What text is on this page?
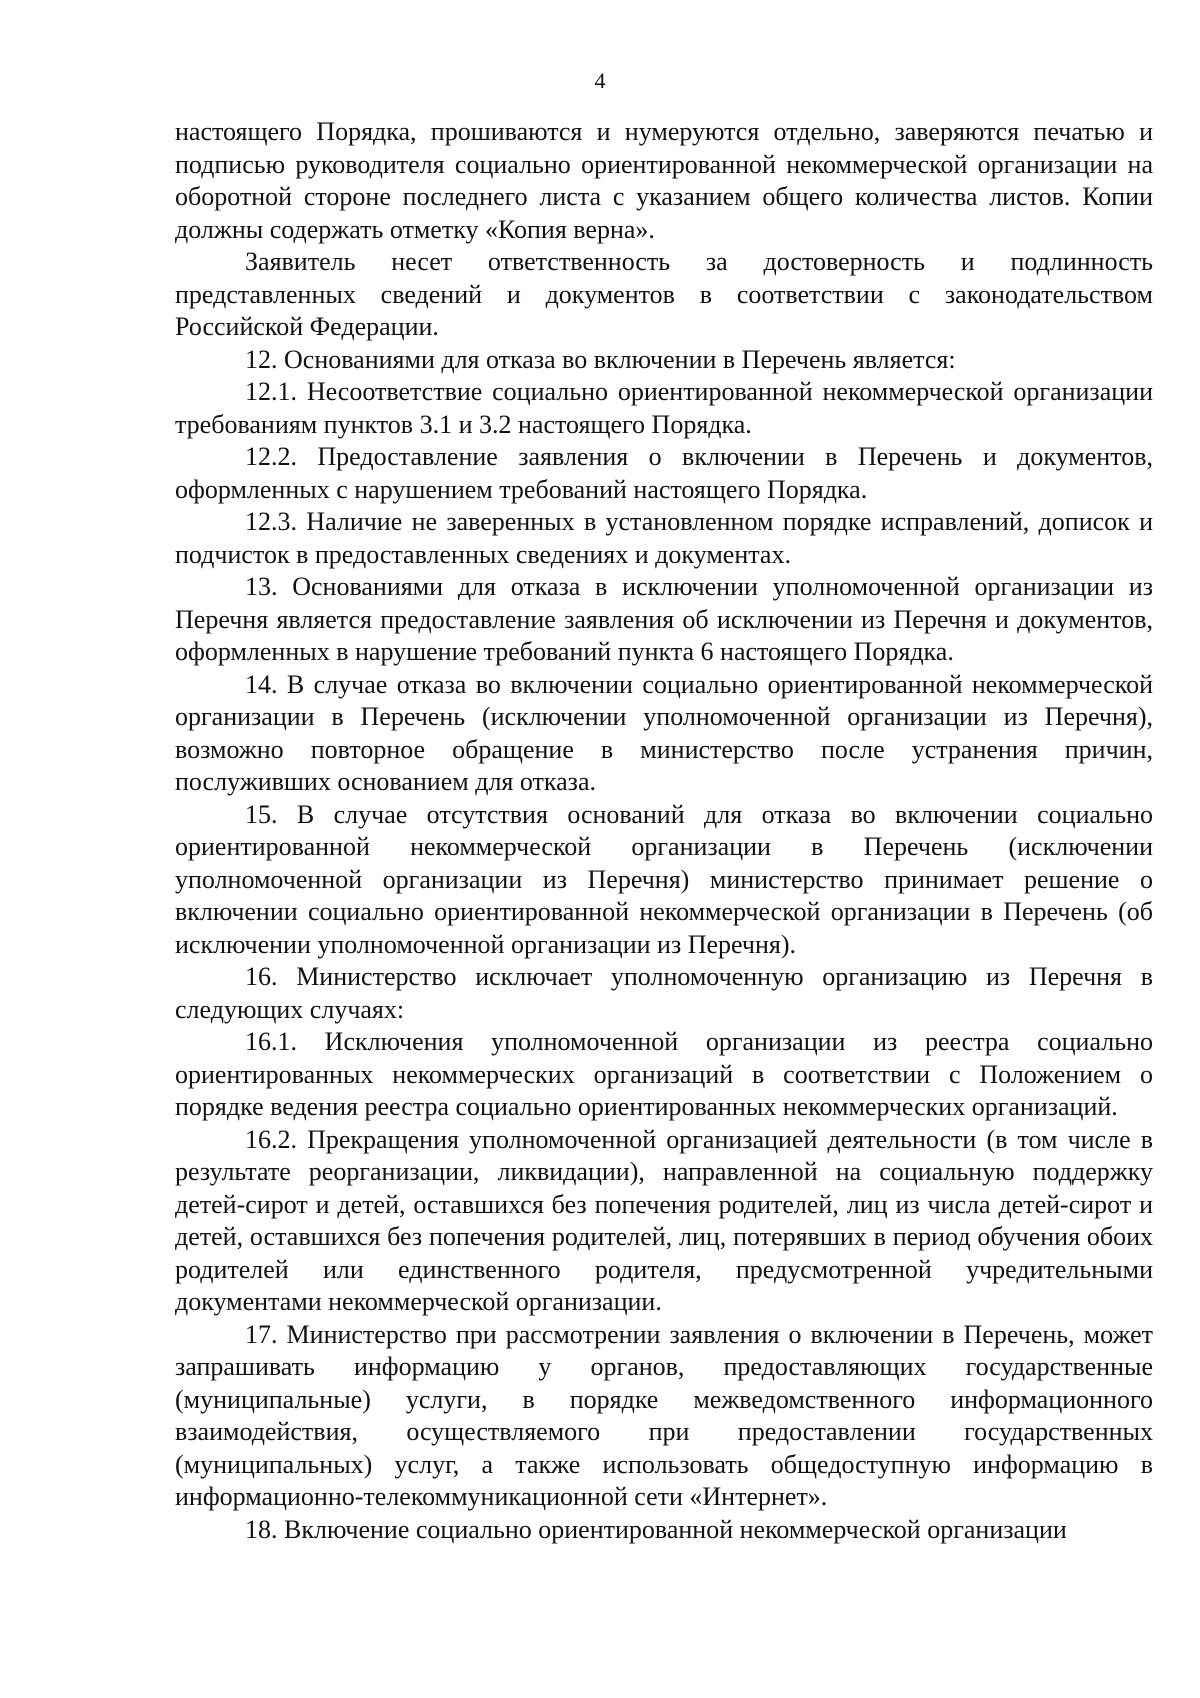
4

настоящего Порядка, прошиваются и нумеруются отдельно, заверяются печатью и подписью руководителя социально ориентированной некоммерческой организации на оборотной стороне последнего листа с указанием общего количества листов. Копии должны содержать отметку «Копия верна».

Заявитель несет ответственность за достоверность и подлинность представленных сведений и документов в соответствии с законодательством Российской Федерации.

12. Основаниями для отказа во включении в Перечень является:

12.1. Несоответствие социально ориентированной некоммерческой организации требованиям пунктов 3.1 и 3.2 настоящего Порядка.

12.2. Предоставление заявления о включении в Перечень и документов, оформленных с нарушением требований настоящего Порядка.

12.3. Наличие не заверенных в установленном порядке исправлений, дописок и подчисток в предоставленных сведениях и документах.

13. Основаниями для отказа в исключении уполномоченной организации из Перечня является предоставление заявления об исключении из Перечня и документов, оформленных в нарушение требований пункта 6 настоящего Порядка.

14. В случае отказа во включении социально ориентированной некоммерческой организации в Перечень (исключении уполномоченной организации из Перечня), возможно повторное обращение в министерство после устранения причин, послуживших основанием для отказа.

15. В случае отсутствия оснований для отказа во включении социально ориентированной некоммерческой организации в Перечень (исключении уполномоченной организации из Перечня) министерство принимает решение о включении социально ориентированной некоммерческой организации в Перечень (об исключении уполномоченной организации из Перечня).

16. Министерство исключает уполномоченную организацию из Перечня в следующих случаях:

16.1. Исключения уполномоченной организации из реестра социально ориентированных некоммерческих организаций в соответствии с Положением о порядке ведения реестра социально ориентированных некоммерческих организаций.

16.2. Прекращения уполномоченной организацией деятельности (в том числе в результате реорганизации, ликвидации), направленной на социальную поддержку детей-сирот и детей, оставшихся без попечения родителей, лиц из числа детей-сирот и детей, оставшихся без попечения родителей, лиц, потерявших в период обучения обоих родителей или единственного родителя, предусмотренной учредительными документами некоммерческой организации.

17. Министерство при рассмотрении заявления о включении в Перечень, может запрашивать информацию у органов, предоставляющих государственные (муниципальные) услуги, в порядке межведомственного информационного взаимодействия, осуществляемого при предоставлении государственных (муниципальных) услуг, а также использовать общедоступную информацию в информационно-телекоммуникационной сети «Интернет».

18. Включение социально ориентированной некоммерческой организации
